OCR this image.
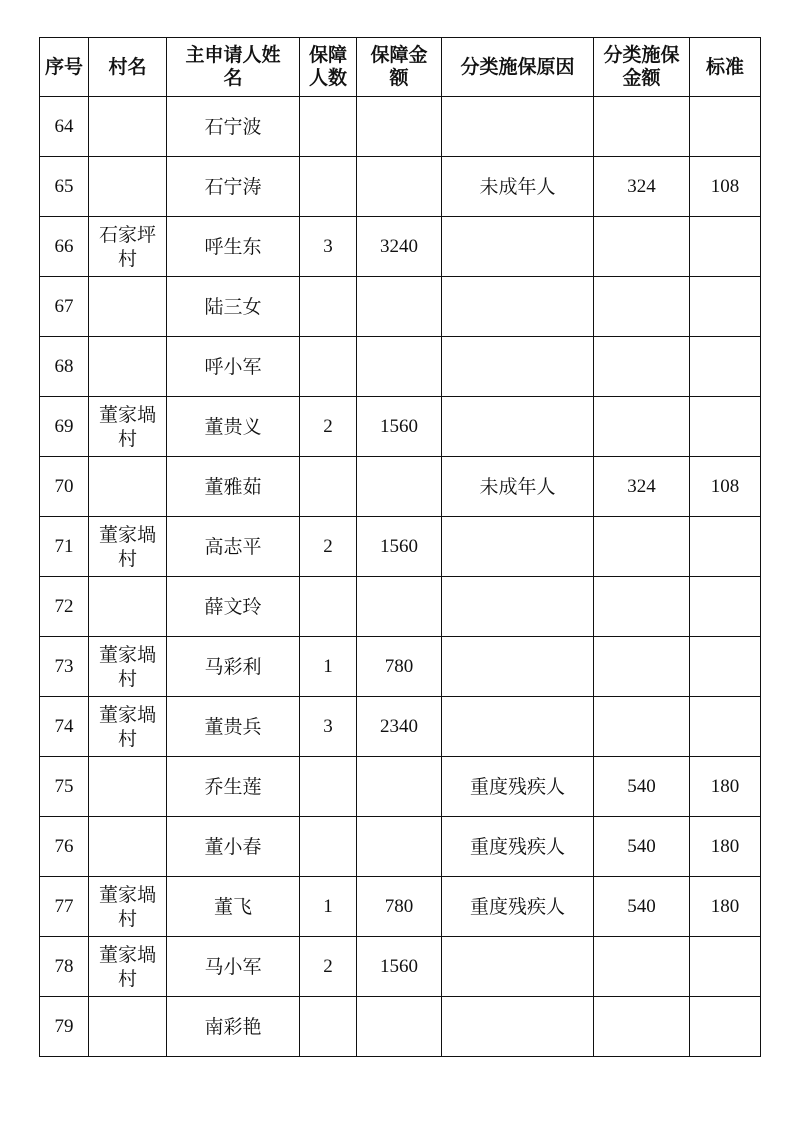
序号	村名	主申请人姓名	保障人数	保障金额	分类施保原因	分类施保金额	标准
64		石宁波					
65		石宁涛			未成年人	324	108
66	石家坪村	呼生东	3	3240			
67		陆三女					
68		呼小军					
69	董家堝村	董贵义	2	1560			
70		董雅茹			未成年人	324	108
71	董家堝村	高志平	2	1560			
72		薛文玲					
73	董家堝村	马彩利	1	780			
74	董家堝村	董贵兵	3	2340			
75		乔生莲			重度残疾人	540	180
76		董小春			重度残疾人	540	180
77	董家堝村	董飞	1	780	重度残疾人	540	180
78	董家堝村	马小军	2	1560			
79		南彩艳					
